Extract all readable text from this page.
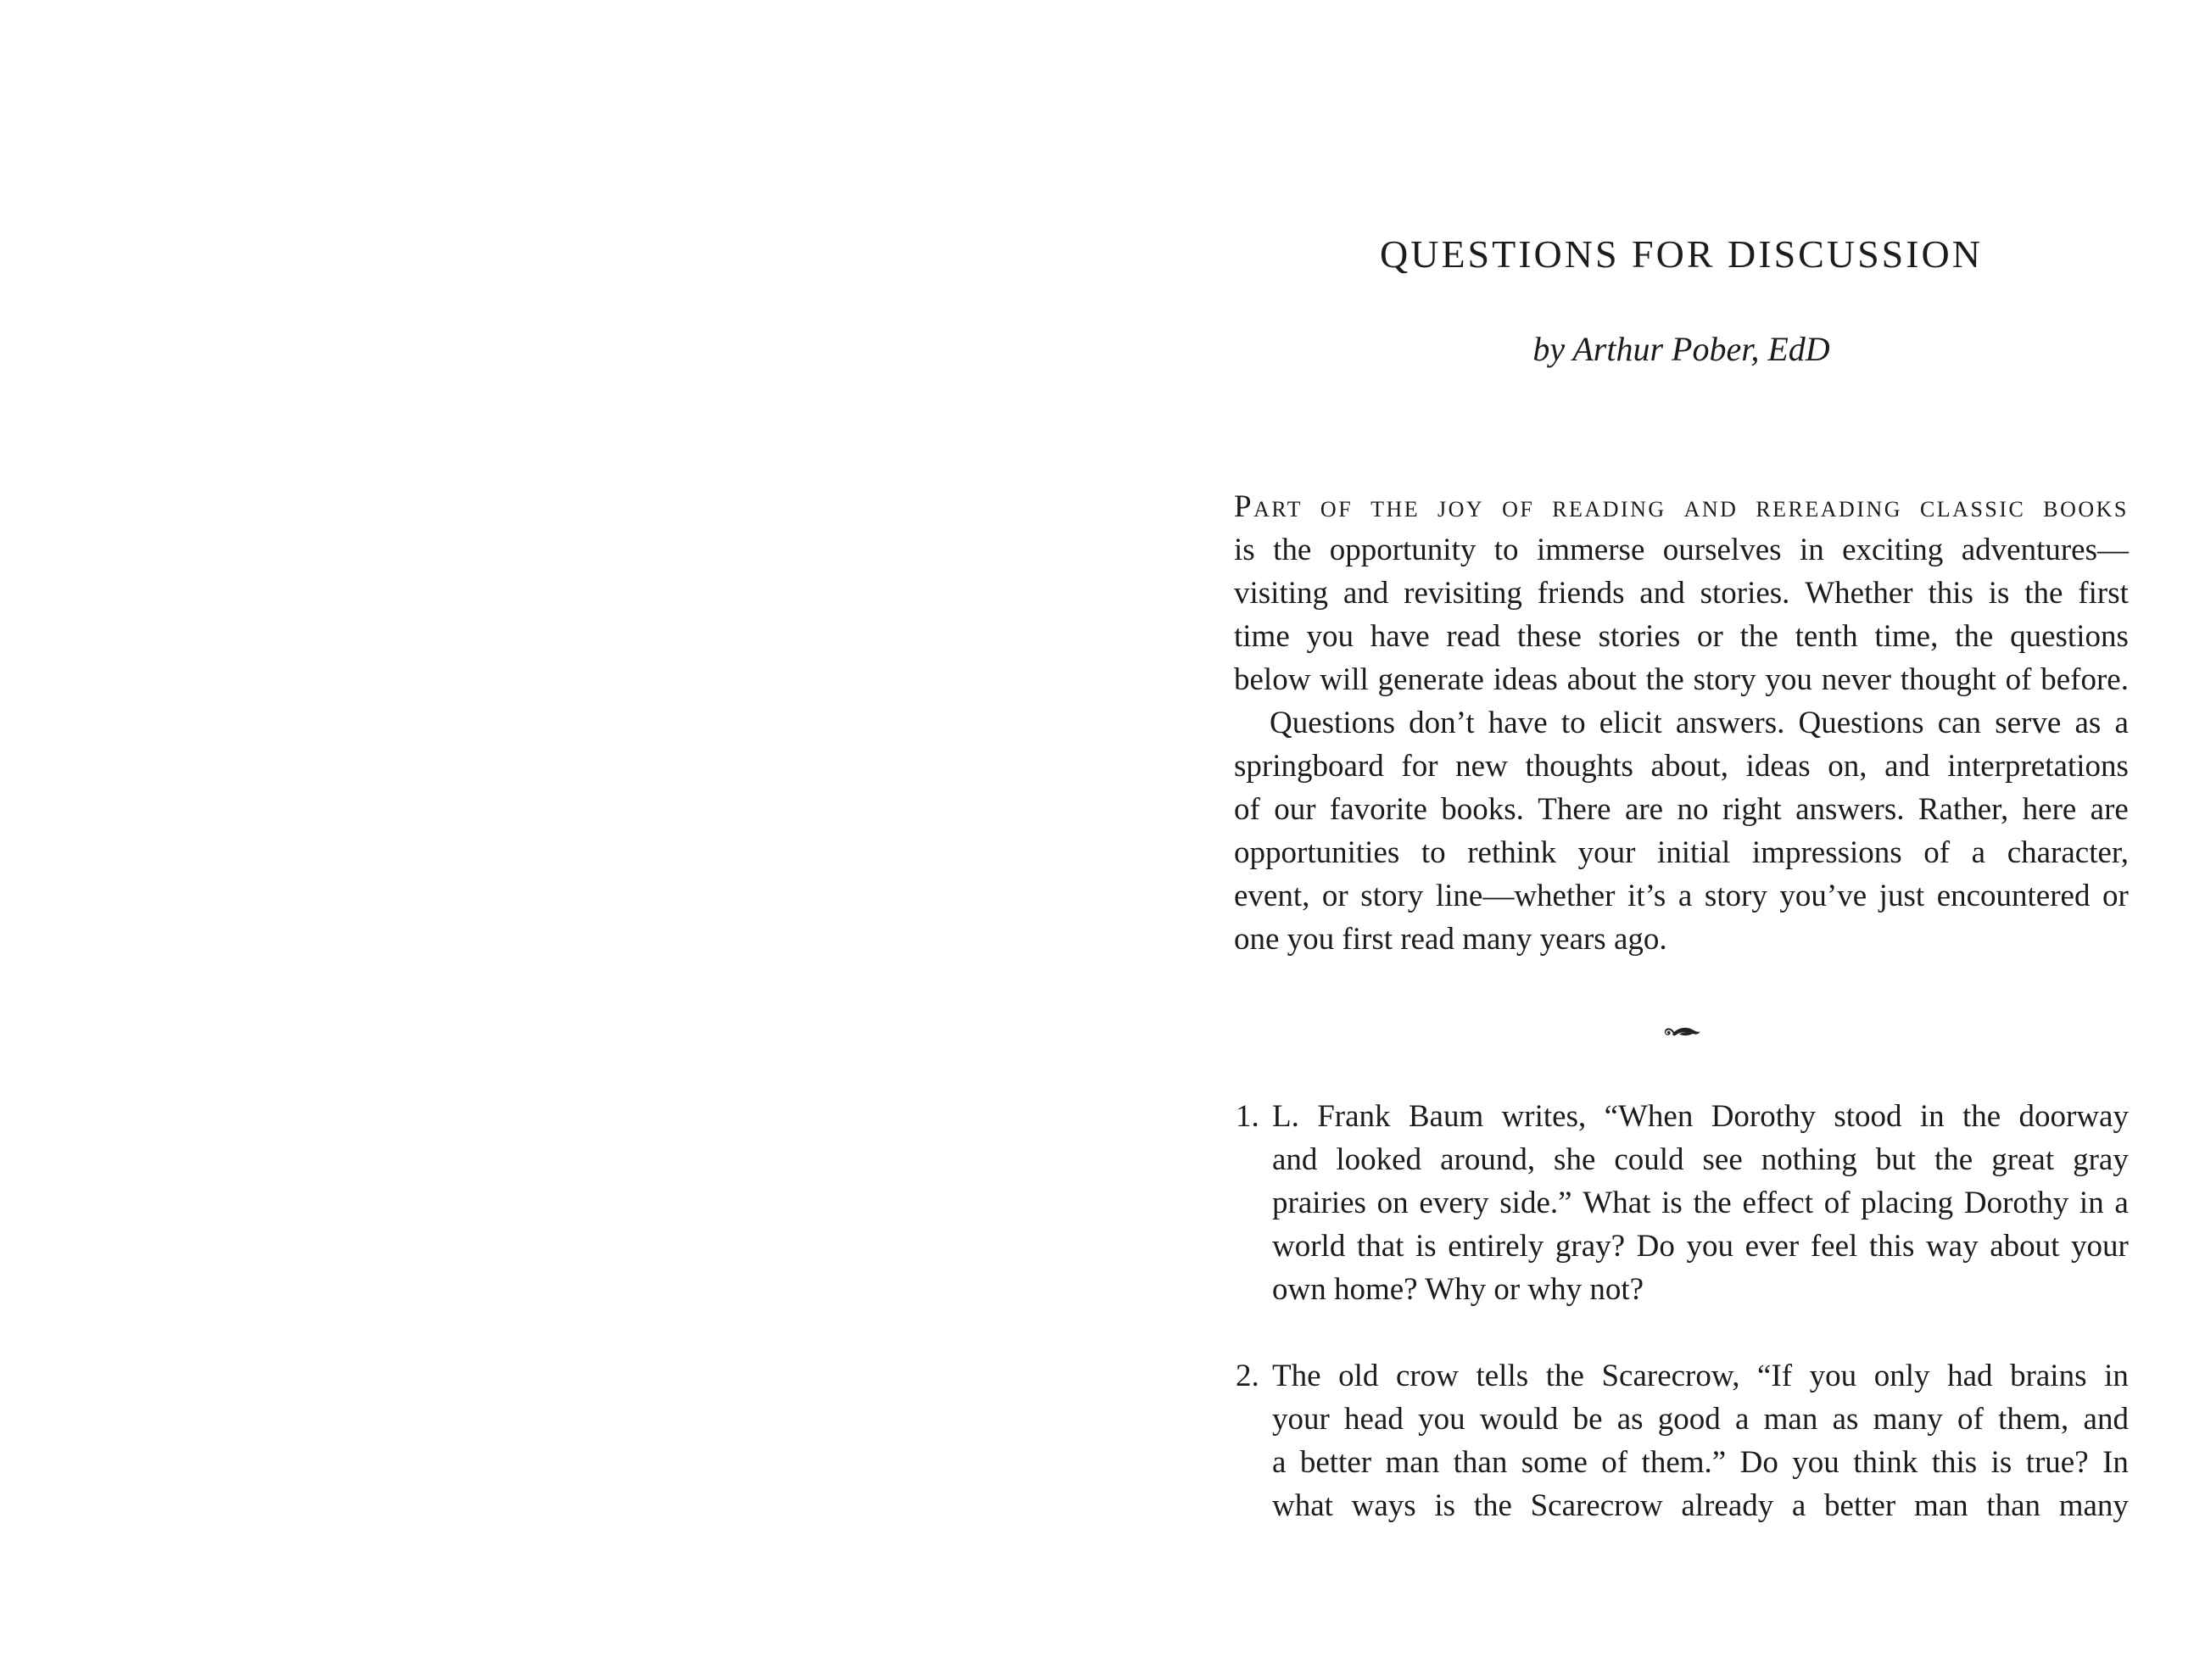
QUESTIONS FOR DISCUSSION
by Arthur Pober, EdD
Part of the joy of reading and rereading classic books
is the opportunity to immerse ourselves in exciting adventures—
visiting and revisiting friends and stories. Whether this is the first
time you have read these stories or the tenth time, the questions
below will generate ideas about the story you never thought of before.
Questions don’t have to elicit answers. Questions can serve as a
springboard for new thoughts about, ideas on, and interpretations
of our favorite books. There are no right answers. Rather, here are
opportunities to rethink your initial impressions of a character,
event, or story line—whether it’s a story you’ve just encountered or
one you first read many years ago.
1. L. Frank Baum writes, “When Dorothy stood in the doorway
and looked around, she could see nothing but the great gray
prairies on every side.” What is the effect of placing Dorothy in a
world that is entirely gray? Do you ever feel this way about your
own home? Why or why not?
2. The old crow tells the Scarecrow, “If you only had brains in
your head you would be as good a man as many of them, and
a better man than some of them.” Do you think this is true? In
what ways is the Scarecrow already a better man than many
